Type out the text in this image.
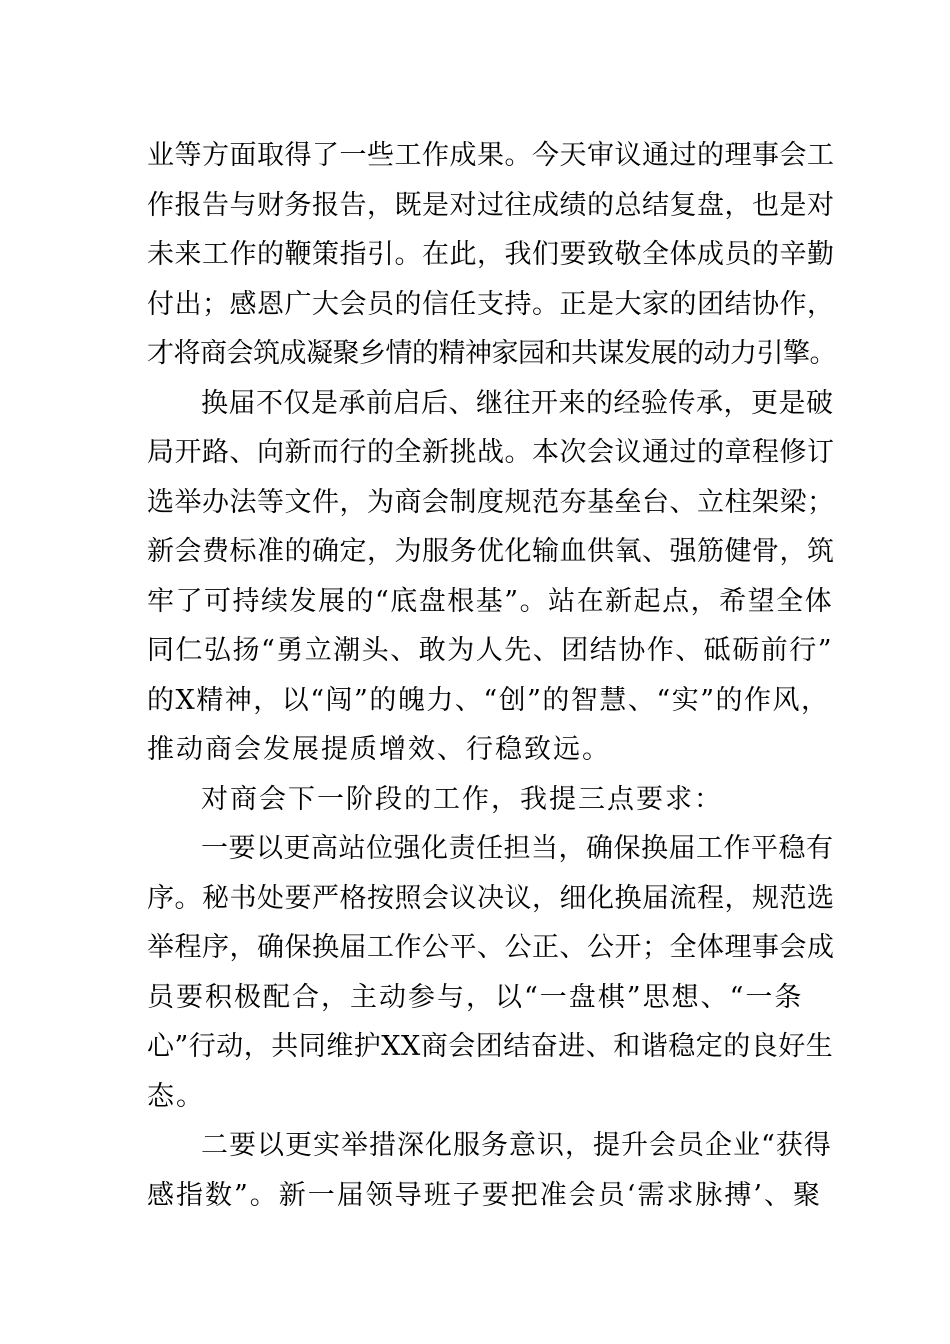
业等方面取得了一些工作成果。今天审议通过的理事会工
作报告与财务报告，既是对过往成绩的总结复盘，也是对
未来工作的鞭策指引。在此，我们要致敬全体成员的辛勤
付出；感恩广大会员的信任支持。正是大家的团结协作，
才将商会筑成凝聚乡情的精神家园和共谋发展的动力引擎。
换届不仅是承前启后、继往开来的经验传承，更是破
局开路、向新而行的全新挑战。本次会议通过的章程修订
选举办法等文件，为商会制度规范夯基垒台、立柱架梁；
新会费标准的确定，为服务优化输血供氧、强筋健骨，筑
牢了可持续发展的“底盘根基”。站在新起点，希望全体
同仁弘扬“勇立潮头、敢为人先、团结协作、砥砺前行”
的X精神，以“闯”的魄力、“创”的智慧、“实”的作风，
推动商会发展提质增效、行稳致远。
对商会下一阶段的工作，我提三点要求：
一要以更高站位强化责任担当，确保换届工作平稳有
序。秘书处要严格按照会议决议，细化换届流程，规范选
举程序，确保换届工作公平、公正、公开；全体理事会成
员要积极配合，主动参与，以“一盘棋”思想、“一条
心”行动，共同维护XX商会团结奋进、和谐稳定的良好生
态。
二要以更实举措深化服务意识，提升会员企业“获得
感指数”。新一届领导班子要把准会员‘需求脉搏’、聚
